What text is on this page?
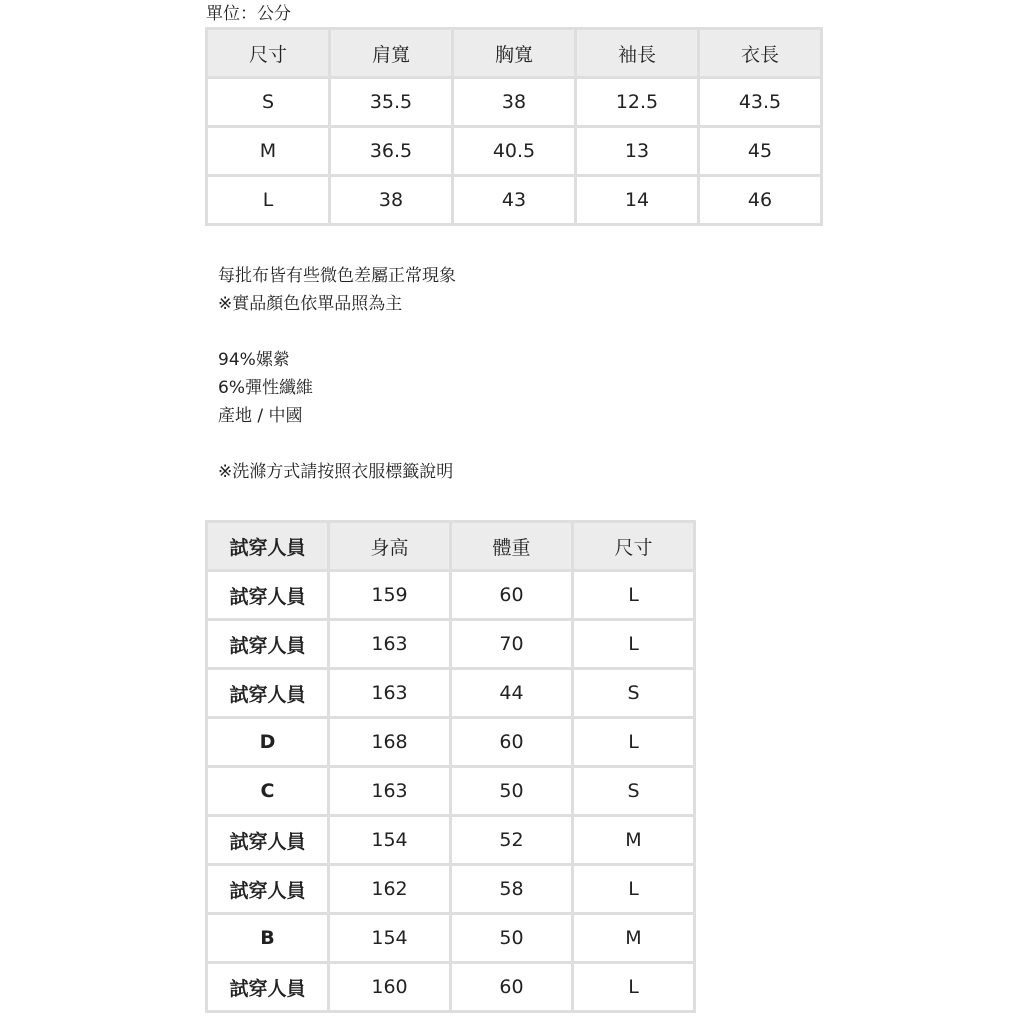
單位：公分
尺寸	肩寬	胸寬	袖長	衣長
S	35.5	38	12.5	43.5
M	36.5	40.5	13	45
L	38	43	14	46
每批布皆有些微色差屬正常現象
※實品顏色依單品照為主
94%嫘縈
6%彈性纖維
產地 / 中國
※洗滌方式請按照衣服標籤說明
試穿人員	身高	體重	尺寸
試穿人員	159	60	L
試穿人員	163	70	L
試穿人員	163	44	S
D	168	60	L
C	163	50	S
試穿人員	154	52	M
試穿人員	162	58	L
B	154	50	M
試穿人員	160	60	L
